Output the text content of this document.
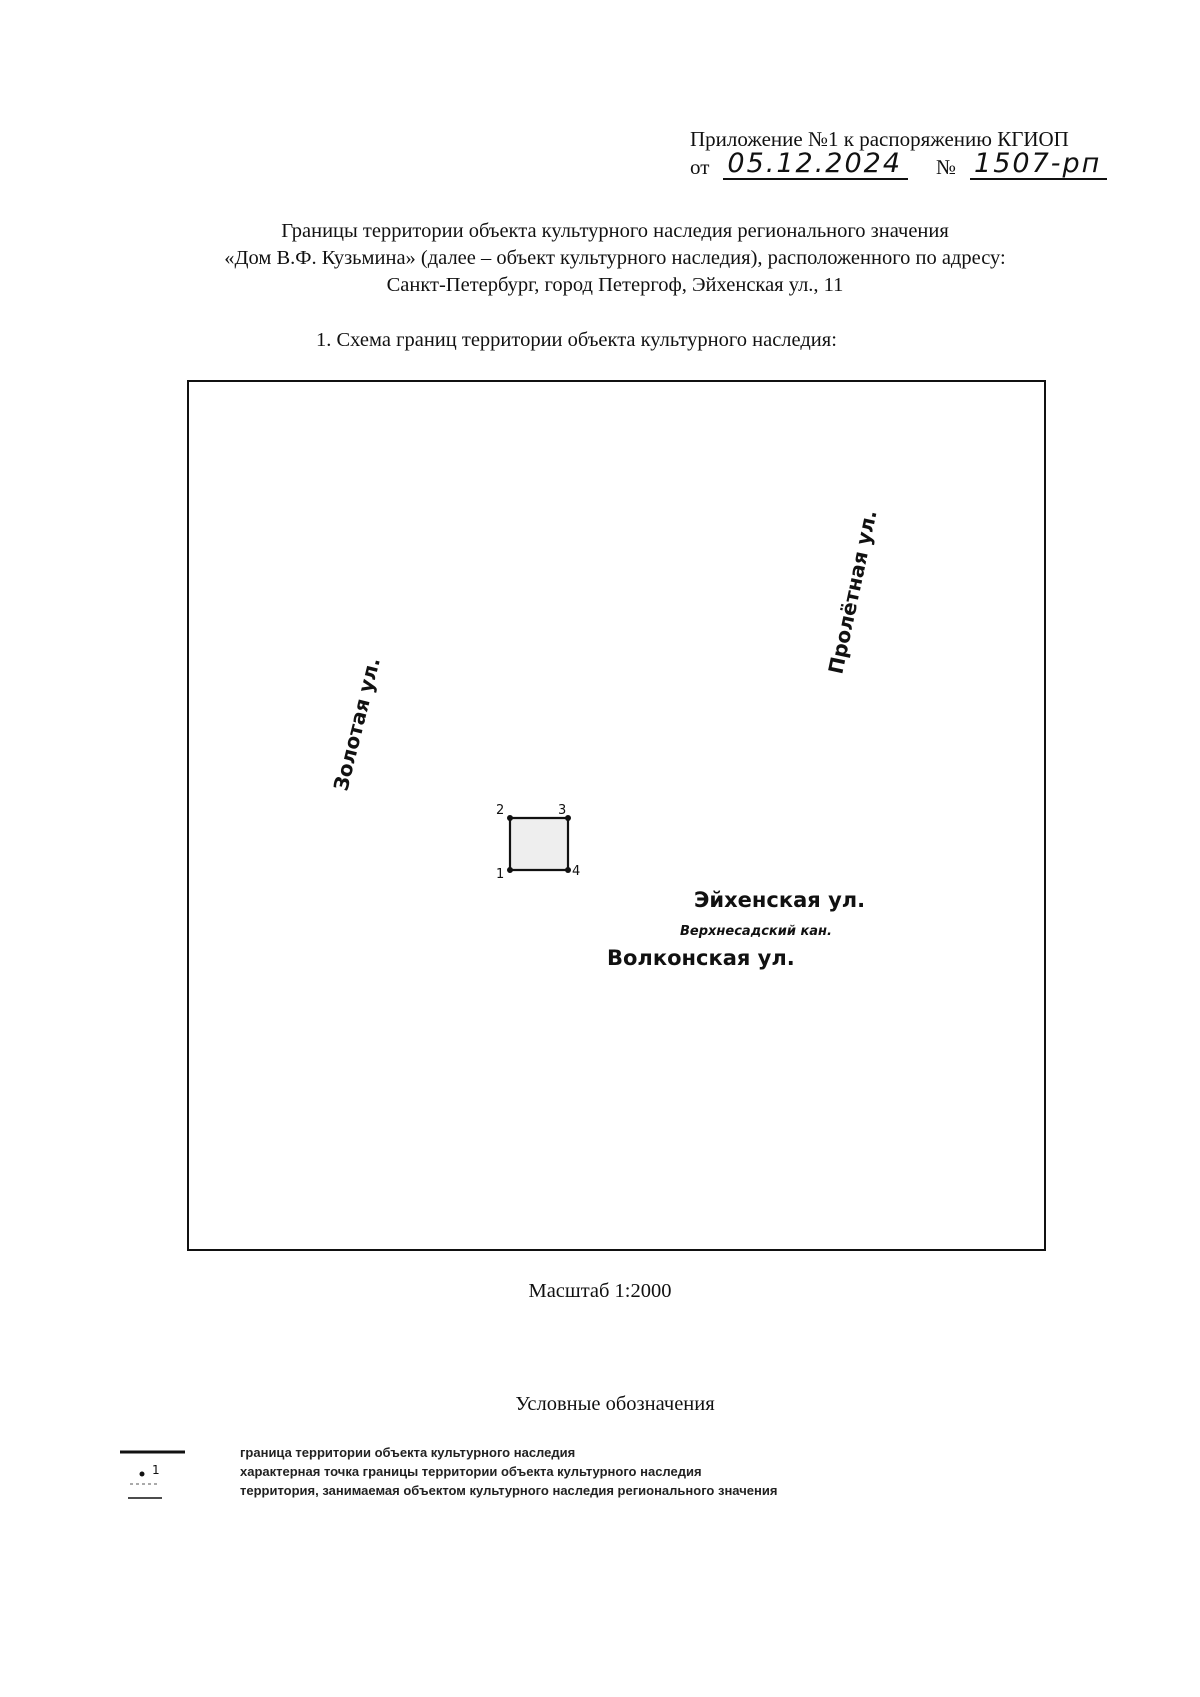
Приложение №1 к распоряжению КГИОП
от 05.12.2024 № 1507-рп
Границы территории объекта культурного наследия регионального значения
«Дом В.Ф. Кузьмина» (далее – объект культурного наследия), расположенного по адресу:
Санкт-Петербург, город Петергоф, Эйхенская ул., 11
1. Схема границ территории объекта культурного наследия:
Пролётная ул.
Золотая ул.
Эйхенская ул.
Волконская ул.
Верхнесадский кан.
1
2	3
4
Масштаб 1:2000
Условные обозначения
граница территории объекта культурного наследия
1	характерная точка границы территории объекта культурного наследия
территория, занимаемая объектом культурного наследия регионального значения
